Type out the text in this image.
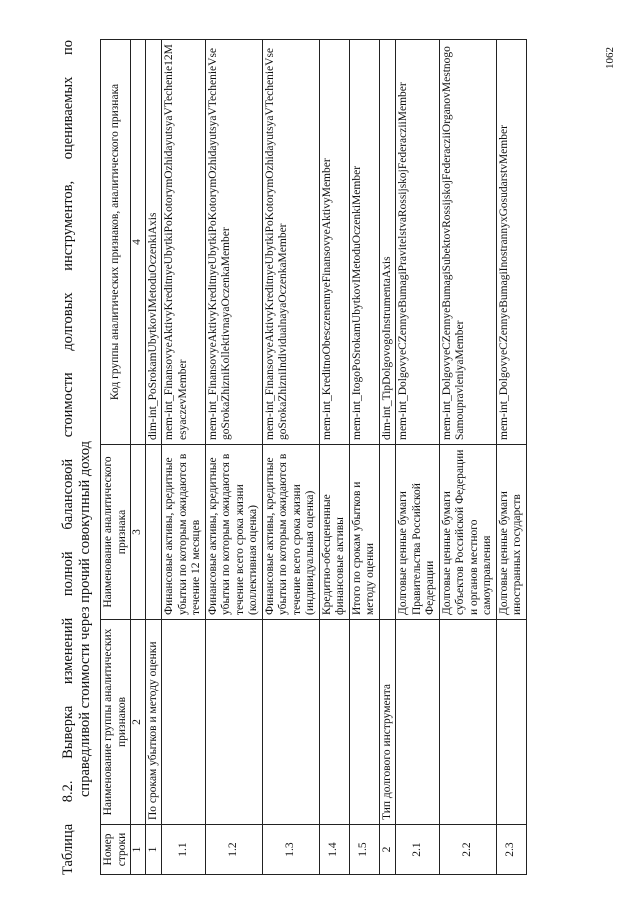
1062
Таблица 8.2. Выверка изменений полной балансовой стоимости долговых инструментов, оцениваемых по справедливой стоимости через прочий совокупный доход
Номер строки	Наименование группы аналитических признаков	Наименование аналитического признака	Код группы аналитических признаков, аналитического признака
1	2	3	4
1	По срокам убытков и методу оценки		dim-int_PoSrokamUbytkovIMetoduOczenkiAxis
1.1		Финансовые активы, кредитные убытки по которым ожидаются в течение 12 месяцев	mem-int_FinansovyeAktivyKreditnyeUbytkiPoKotorymOzhidayutsyaVTechenie12MesyaczevMember
1.2		Финансовые активы, кредитные убытки по которым ожидаются в течение всего срока жизни (коллективная оценка)	mem-int_FinansovyeAktivyKreditnyeUbytkiPoKotorymOzhidayutsyaVTechenieVsegoSrokaZhizniKollektivnayaOczenkaMember
1.3		Финансовые активы, кредитные убытки по которым ожидаются в течение всего срока жизни (индивидуальная оценка)	mem-int_FinansovyeAktivyKreditnyeUbytkiPoKotorymOzhidayutsyaVTechenieVsegoSrokaZhizniIndividualnayaOczenkaMember
1.4		Кредитно-обесцененные финансовые активы	mem-int_KreditnoObesczenennyeFinansovyeAktivyMember
1.5		Итого по срокам убытков и методу оценки	mem-int_ItogoPoSrokamUbytkovIMetoduOczenkiMember
2	Тип долгового инструмента		dim-int_TipDolgovogoInstrumentaAxis
2.1		Долговые ценные бумаги Правительства Российской Федерации	mem-int_DolgovyeCZennyeBumagiPravitelstvaRossijskojFederacziiMember
2.2		Долговые ценные бумаги субъектов Российской Федерации и органов местного самоуправления	mem-int_DolgovyeCZennyeBumagiSubektovRossijskojFederacziiOrganovMestnogoSamoupravleniyaMember
2.3		Долговые ценные бумаги иностранных государств	mem-int_DolgovyeCZennyeBumagiInostrannyxGosudarstvMember
